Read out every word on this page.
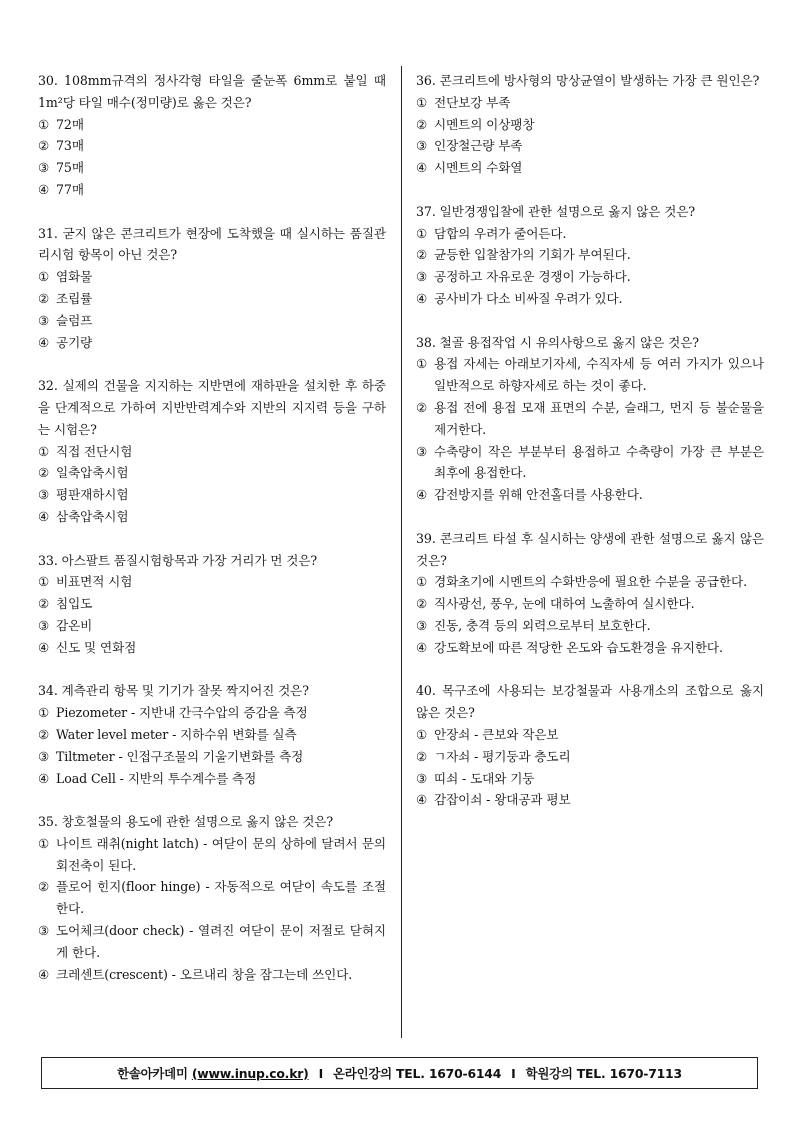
30. 108mm규격의 정사각형 타일을 줄눈폭 6mm로 붙일 때 1m²당 타일 매수(정미량)로 옳은 것은?
① 72매
② 73매
③ 75매
④ 77매
31. 굳지 않은 콘크리트가 현장에 도착했을 때 실시하는 품질관리시험 항목이 아닌 것은?
① 염화물
② 조립률
③ 슬럼프
④ 공기량
32. 실제의 건물을 지지하는 지반면에 재하판을 설치한 후 하중을 단계적으로 가하여 지반반력계수와 지반의 지지력 등을 구하는 시험은?
① 직접 전단시험
② 일축압축시험
③ 평판재하시험
④ 삼축압축시험
33. 아스팔트 품질시험항목과 가장 거리가 먼 것은?
① 비표면적 시험
② 침입도
③ 감온비
④ 신도 및 연화점
34. 계측관리 항목 및 기기가 잘못 짝지어진 것은?
① Piezometer - 지반내 간극수압의 증감을 측정
② Water level meter - 지하수위 변화를 실측
③ Tiltmeter - 인접구조물의 기울기변화를 측정
④ Load Cell - 지반의 투수계수를 측정
35. 창호철물의 용도에 관한 설명으로 옳지 않은 것은?
① 나이트 래취(night latch) - 여닫이 문의 상하에 달려서 문의 회전축이 된다.
② 플로어 힌지(floor hinge) - 자동적으로 여닫이 속도를 조절한다.
③ 도어체크(door check) - 열려진 여닫이 문이 저절로 닫혀지게 한다.
④ 크레센트(crescent) - 오르내리 창을 잠그는데 쓰인다.
36. 콘크리트에 방사형의 망상균열이 발생하는 가장 큰 원인은?
① 전단보강 부족
② 시멘트의 이상팽창
③ 인장철근량 부족
④ 시멘트의 수화열
37. 일반경쟁입찰에 관한 설명으로 옳지 않은 것은?
① 담합의 우려가 줄어든다.
② 균등한 입찰참가의 기회가 부여된다.
③ 공정하고 자유로운 경쟁이 가능하다.
④ 공사비가 다소 비싸질 우려가 있다.
38. 철골 용접작업 시 유의사항으로 옳지 않은 것은?
① 용접 자세는 아래보기자세, 수직자세 등 여러 가지가 있으나 일반적으로 하향자세로 하는 것이 좋다.
② 용접 전에 용접 모재 표면의 수분, 슬래그, 먼지 등 불순물을 제거한다.
③ 수축량이 작은 부분부터 용접하고 수축량이 가장 큰 부분은 최후에 용접한다.
④ 감전방지를 위해 안전홀더를 사용한다.
39. 콘크리트 타설 후 실시하는 양생에 관한 설명으로 옳지 않은 것은?
① 경화초기에 시멘트의 수화반응에 필요한 수분을 공급한다.
② 직사광선, 풍우, 눈에 대하여 노출하여 실시한다.
③ 진동, 충격 등의 외력으로부터 보호한다.
④ 강도확보에 따른 적당한 온도와 습도환경을 유지한다.
40. 목구조에 사용되는 보강철물과 사용개소의 조합으로 옳지 않은 것은?
① 안장쇠 - 큰보와 작은보
② ㄱ자쇠 - 평기둥과 층도리
③ 띠쇠 - 도대와 기둥
④ 감잡이쇠 - 왕대공과 평보
한솔아카데미
(www.inup.co.kr) I 온라인강의 TEL. 1670-6144 I 학원강의 TEL. 1670-7113
